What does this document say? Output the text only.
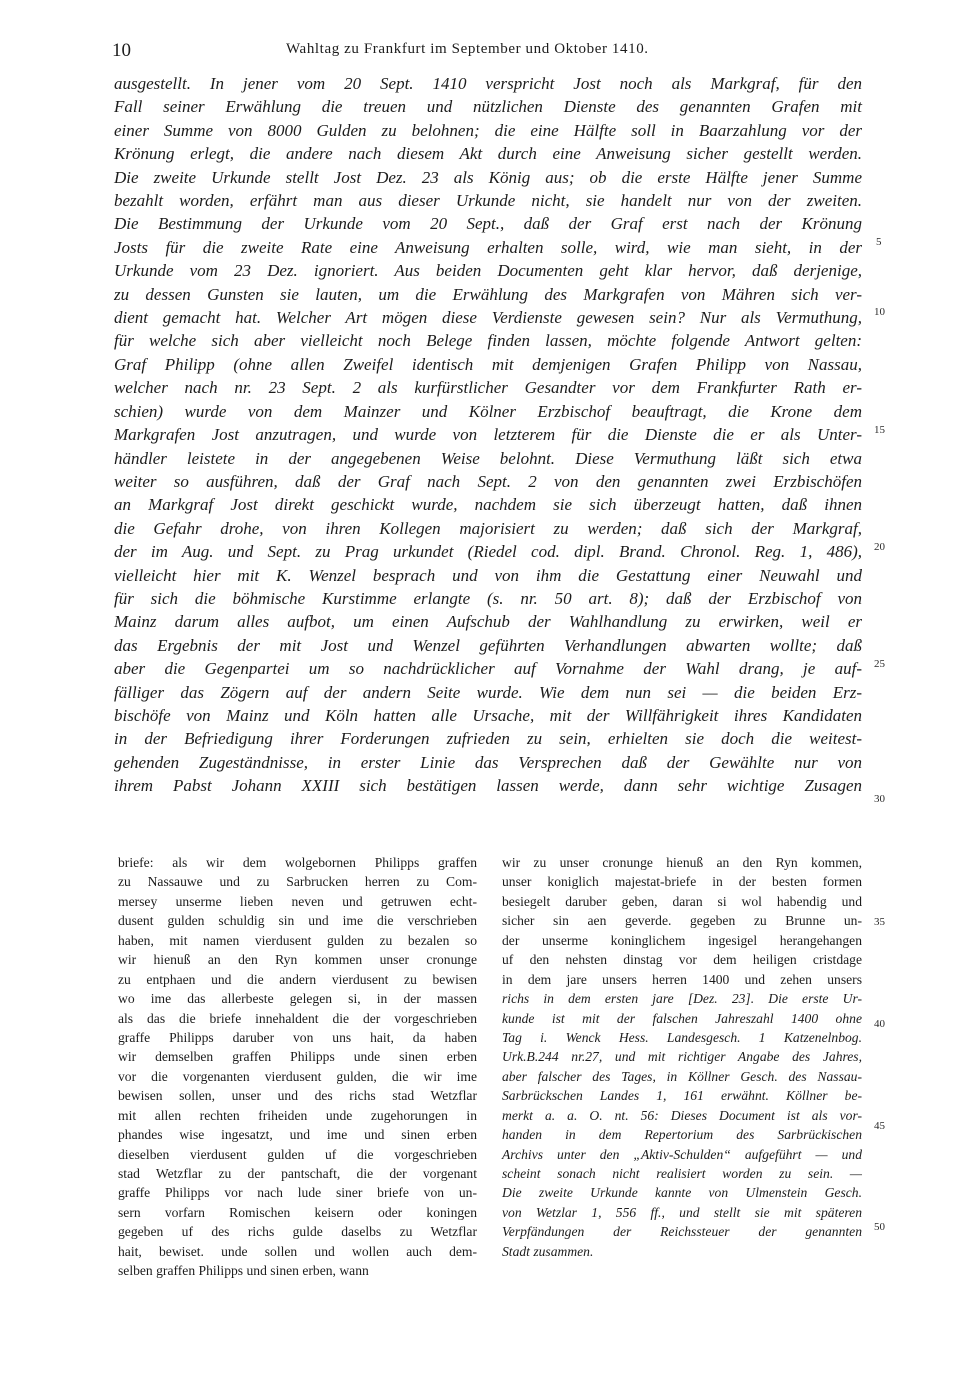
10	Wahltag zu Frankfurt im September und Oktober 1410.
ausgestellt. In jener vom 20 Sept. 1410 verspricht Jost noch als Markgraf, für den
Fall seiner Erwählung die treuen und nützlichen Dienste des genannten Grafen mit
einer Summe von 8000 Gulden zu belohnen; die eine Hälfte soll in Baarzahlung vor der
Krönung erlegt, die andere nach diesem Akt durch eine Anweisung sicher gestellt werden.
Die zweite Urkunde stellt Jost Dez. 23 als König aus; ob die erste Hälfte jener Summe
bezahlt worden, erfährt man aus dieser Urkunde nicht, sie handelt nur von der zweiten.
Die Bestimmung der Urkunde vom 20 Sept., daß der Graf erst nach der Krönung
Josts für die zweite Rate eine Anweisung erhalten solle, wird, wie man sieht, in der
Urkunde vom 23 Dez. ignoriert. Aus beiden Documenten geht klar hervor, daß derjenige,
zu dessen Gunsten sie lauten, um die Erwählung des Markgrafen von Mähren sich ver-
dient gemacht hat. Welcher Art mögen diese Verdienste gewesen sein? Nur als Vermuthung,
für welche sich aber vielleicht noch Belege finden lassen, möchte folgende Antwort gelten:
Graf Philipp (ohne allen Zweifel identisch mit demjenigen Grafen Philipp von Nassau,
welcher nach nr. 23 Sept. 2 als kurfürstlicher Gesandter vor dem Frankfurter Rath er-
schien) wurde von dem Mainzer und Kölner Erzbischof beauftragt, die Krone dem
Markgrafen Jost anzutragen, und wurde von letzterem für die Dienste die er als Unter-
händler leistete in der angegebenen Weise belohnt. Diese Vermuthung läßt sich etwa
weiter so ausführen, daß der Graf nach Sept. 2 von den genannten zwei Erzbischöfen
an Markgraf Jost direkt geschickt wurde, nachdem sie sich überzeugt hatten, daß ihnen
die Gefahr drohe, von ihren Kollegen majorisiert zu werden; daß sich der Markgraf,
der im Aug. und Sept. zu Prag urkundet (Riedel cod. dipl. Brand. Chronol. Reg. 1, 486),
vielleicht hier mit K. Wenzel besprach und von ihm die Gestattung einer Neuwahl und
für sich die böhmische Kurstimme erlangte (s. nr. 50 art. 8); daß der Erzbischof von
Mainz darum alles aufbot, um einen Aufschub der Wahlhandlung zu erwirken, weil er
das Ergebnis der mit Jost und Wenzel geführten Verhandlungen abwarten wollte; daß
aber die Gegenpartei um so nachdrücklicher auf Vornahme der Wahl drang, je auf-
fälliger das Zögern auf der andern Seite wurde. Wie dem nun sei — die beiden Erz-
bischöfe von Mainz und Köln hatten alle Ursache, mit der Willfährigkeit ihres Kandidaten
in der Befriedigung ihrer Forderungen zufrieden zu sein, erhielten sie doch die weitest-
gehenden Zugeständnisse, in erster Linie das Versprechen daß der Gewählte nur von
ihrem Pabst Johann XXIII sich bestätigen lassen werde, dann sehr wichtige Zusagen
briefe: als wir dem wolgebornen Philipps graffen
zu Nassauwe und zu Sarbrucken herren zu Com-
mersey unserme lieben neven und getruwen echt-
dusent gulden schuldig sin und ime die verschrieben
haben, mit namen vierdusent gulden zu bezalen so
wir hienuß an den Ryn kommen unser cronunge
zu entphaen und die andern vierdusent zu bewisen
wo ime das allerbeste gelegen si, in der massen
als das die briefe innehaldent die der vorgeschrieben
graffe Philipps daruber von uns hait, da haben
wir demselben graffen Philipps unde sinen erben
vor die vorgenanten vierdusent gulden, die wir ime
bewisen sollen, unser und des richs stad Wetzflar
mit allen rechten friheiden unde zugehorungen in
phandes wise ingesatzt, und ime und sinen erben
dieselben vierdusent gulden uf die vorgeschrieben
stad Wetzflar zu der pantschaft, die der vorgenant
graffe Philipps vor nach lude siner briefe von un-
sern vorfarn Romischen keisern oder koningen
gegeben uf des richs gulde daselbs zu Wetzflar
hait, bewiset. unde sollen und wollen auch dem-
selben graffen Philipps und sinen erben, wann
wir zu unser cronunge hienuß an den Ryn kommen,
unser koniglich majestat-briefe in der besten formen
besiegelt daruber geben, daran si wol habendig und
sicher sin aen geverde. gegeben zu Brunne un-
der unserme koninglichem ingesigel herangehangen
uf den nehsten dinstag vor dem heiligen cristdage
in dem jare unsers herren 1400 und zehen unsers
richs in dem ersten jare [Dez. 23]. Die erste Ur-
kunde ist mit der falschen Jahreszahl 1400 ohne
Tag i. Wenck Hess. Landesgesch. 1 Katzenelnbog.
Urk.B.244 nr.27, und mit richtiger Angabe des Jahres,
aber falscher des Tages, in Köllner Gesch. des Nassau-
Sarbrückschen Landes 1, 161 erwähnt. Köllner be-
merkt a. a. O. nt. 56: Dieses Document ist als vor-
handen in dem Repertorium des Sarbrückischen
Archivs unter den „Aktiv-Schulden“ aufgeführt — und
scheint sonach nicht realisiert worden zu sein. —
Die zweite Urkunde kannte von Ulmenstein Gesch.
von Wetzlar 1, 556 ff., und stellt sie mit späteren
Verpfändungen der Reichssteuer der genannten
Stadt zusammen.
5
10
15
20
25
30
35
40
45
50
